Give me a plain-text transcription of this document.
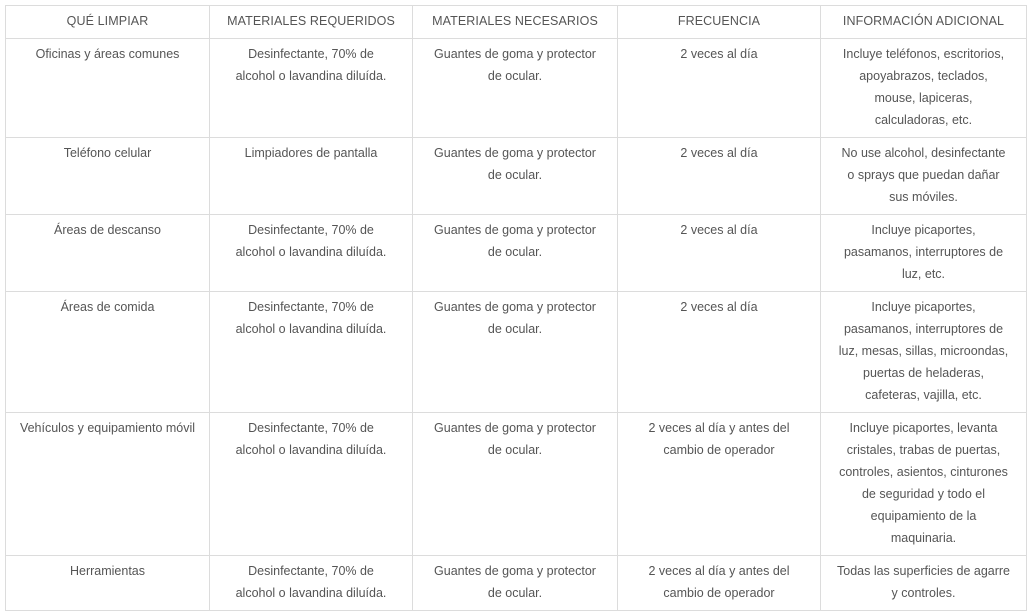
QUÉ LIMPIAR	MATERIALES REQUERIDOS	MATERIALES NECESARIOS	FRECUENCIA	INFORMACIÓN ADICIONAL
Oficinas y áreas comunes	Desinfectante, 70% de alcohol o lavandina diluída.	Guantes de goma y protector de ocular.	2 veces al día	Incluye teléfonos, escritorios, apoyabrazos, teclados, mouse, lapiceras, calculadoras, etc.
Teléfono celular	Limpiadores de pantalla	Guantes de goma y protector de ocular.	2 veces al día	No use alcohol, desinfectante o sprays que puedan dañar sus móviles.
Áreas de descanso	Desinfectante, 70% de alcohol o lavandina diluída.	Guantes de goma y protector de ocular.	2 veces al día	Incluye picaportes, pasamanos, interruptores de luz, etc.
Áreas de comida	Desinfectante, 70% de alcohol o lavandina diluída.	Guantes de goma y protector de ocular.	2 veces al día	Incluye picaportes, pasamanos, interruptores de luz, mesas, sillas, microondas, puertas de heladeras, cafeteras, vajilla, etc.
Vehículos y equipamiento móvil	Desinfectante, 70% de alcohol o lavandina diluída.	Guantes de goma y protector de ocular.	2 veces al día y antes del cambio de operador	Incluye picaportes, levanta cristales, trabas de puertas, controles, asientos, cinturones de seguridad y todo el equipamiento de la maquinaria.
Herramientas	Desinfectante, 70% de alcohol o lavandina diluída.	Guantes de goma y protector de ocular.	2 veces al día y antes del cambio de operador	Todas las superficies de agarre y controles.
